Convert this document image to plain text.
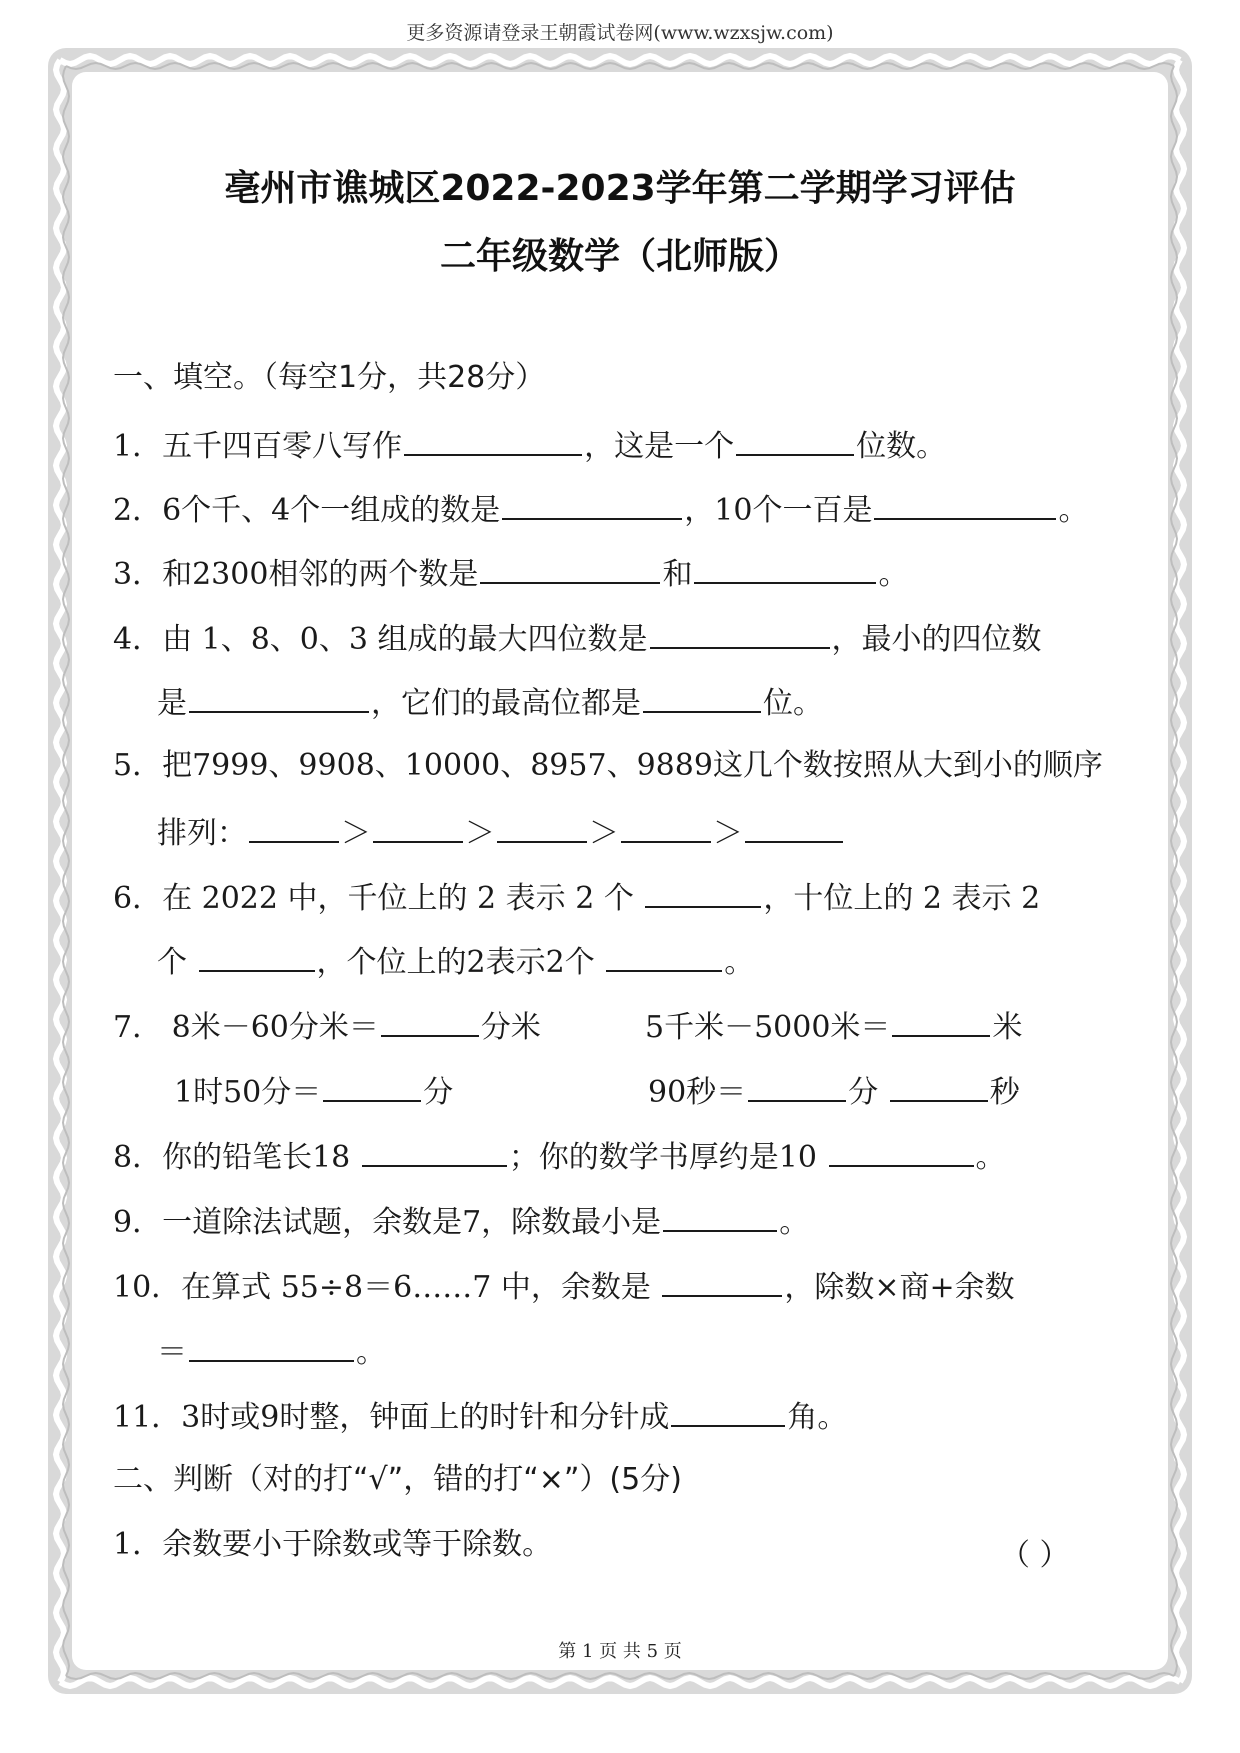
更多资源请登录王朝霞试卷网(www.wzxsjw.com)
亳州市谯城区2022-2023学年第二学期学习评估
二年级数学（北师版）
一、填空。（每空1分，共28分）
1．五千四百零八写作	，这是一个	位数。
2．6个千、4个一组成的数是	，10个一百是	。
3．和2300相邻的两个数是	和	。
4．由 1、8、0、3 组成的最大四位数是	，最小的四位数
是	，它们的最高位都是	位。
5．把7999、9908、10000、8957、9889这几个数按照从大到小的顺序
排列：	＞	＞	＞	＞
6．在 2022 中，千位上的 2 表示 2 个	，十位上的 2 表示 2
个	，个位上的2表示2个	。
7． 8米－60分米＝	分米	5千米－5000米＝	米
1时50分＝	分	90秒＝	分	秒
8．你的铅笔长18	；你的数学书厚约是10	。
9．一道除法试题，余数是7，除数最小是	。
10．在算式 55÷8＝6……7 中，余数是	，除数×商+余数
＝	。
11．3时或9时整，钟面上的时针和分针成	角。
二、判断（对的打“√”，错的打“×”）(5分)
1．余数要小于除数或等于除数。	（ ）
第 1 页 共 5 页
